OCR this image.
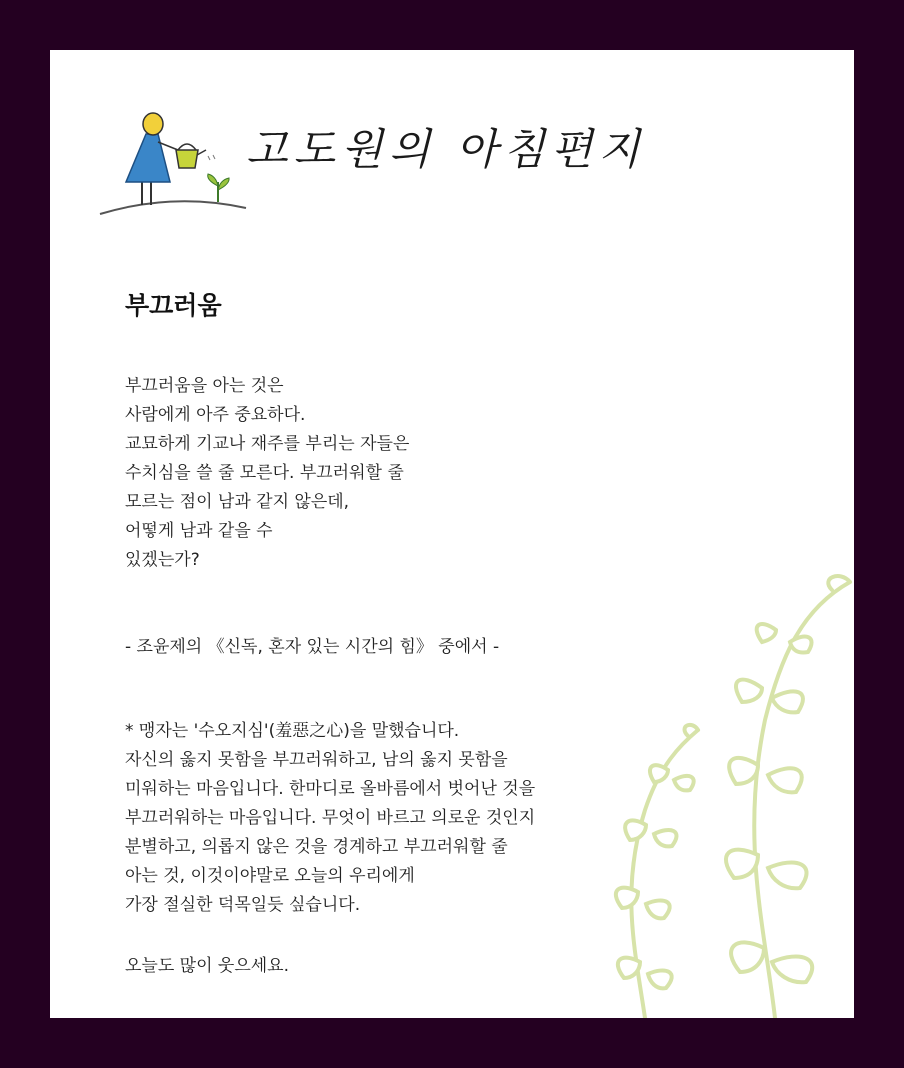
고도원의 아침편지
부끄러움
부끄러움을 아는 것은
사람에게 아주 중요하다.
교묘하게 기교나 재주를 부리는 자들은
수치심을 쓸 줄 모른다. 부끄러워할 줄
모르는 점이 남과 같지 않은데,
어떻게 남과 같을 수
있겠는가?
- 조윤제의 《신독, 혼자 있는 시간의 힘》 중에서 -
* 맹자는 '수오지심'(羞惡之心)을 말했습니다.
자신의 옳지 못함을 부끄러워하고, 남의 옳지 못함을
미워하는 마음입니다. 한마디로 올바름에서 벗어난 것을
부끄러워하는 마음입니다. 무엇이 바르고 의로운 것인지
분별하고, 의롭지 않은 것을 경계하고 부끄러워할 줄
아는 것, 이것이야말로 오늘의 우리에게
가장 절실한 덕목일듯 싶습니다.
오늘도 많이 웃으세요.
